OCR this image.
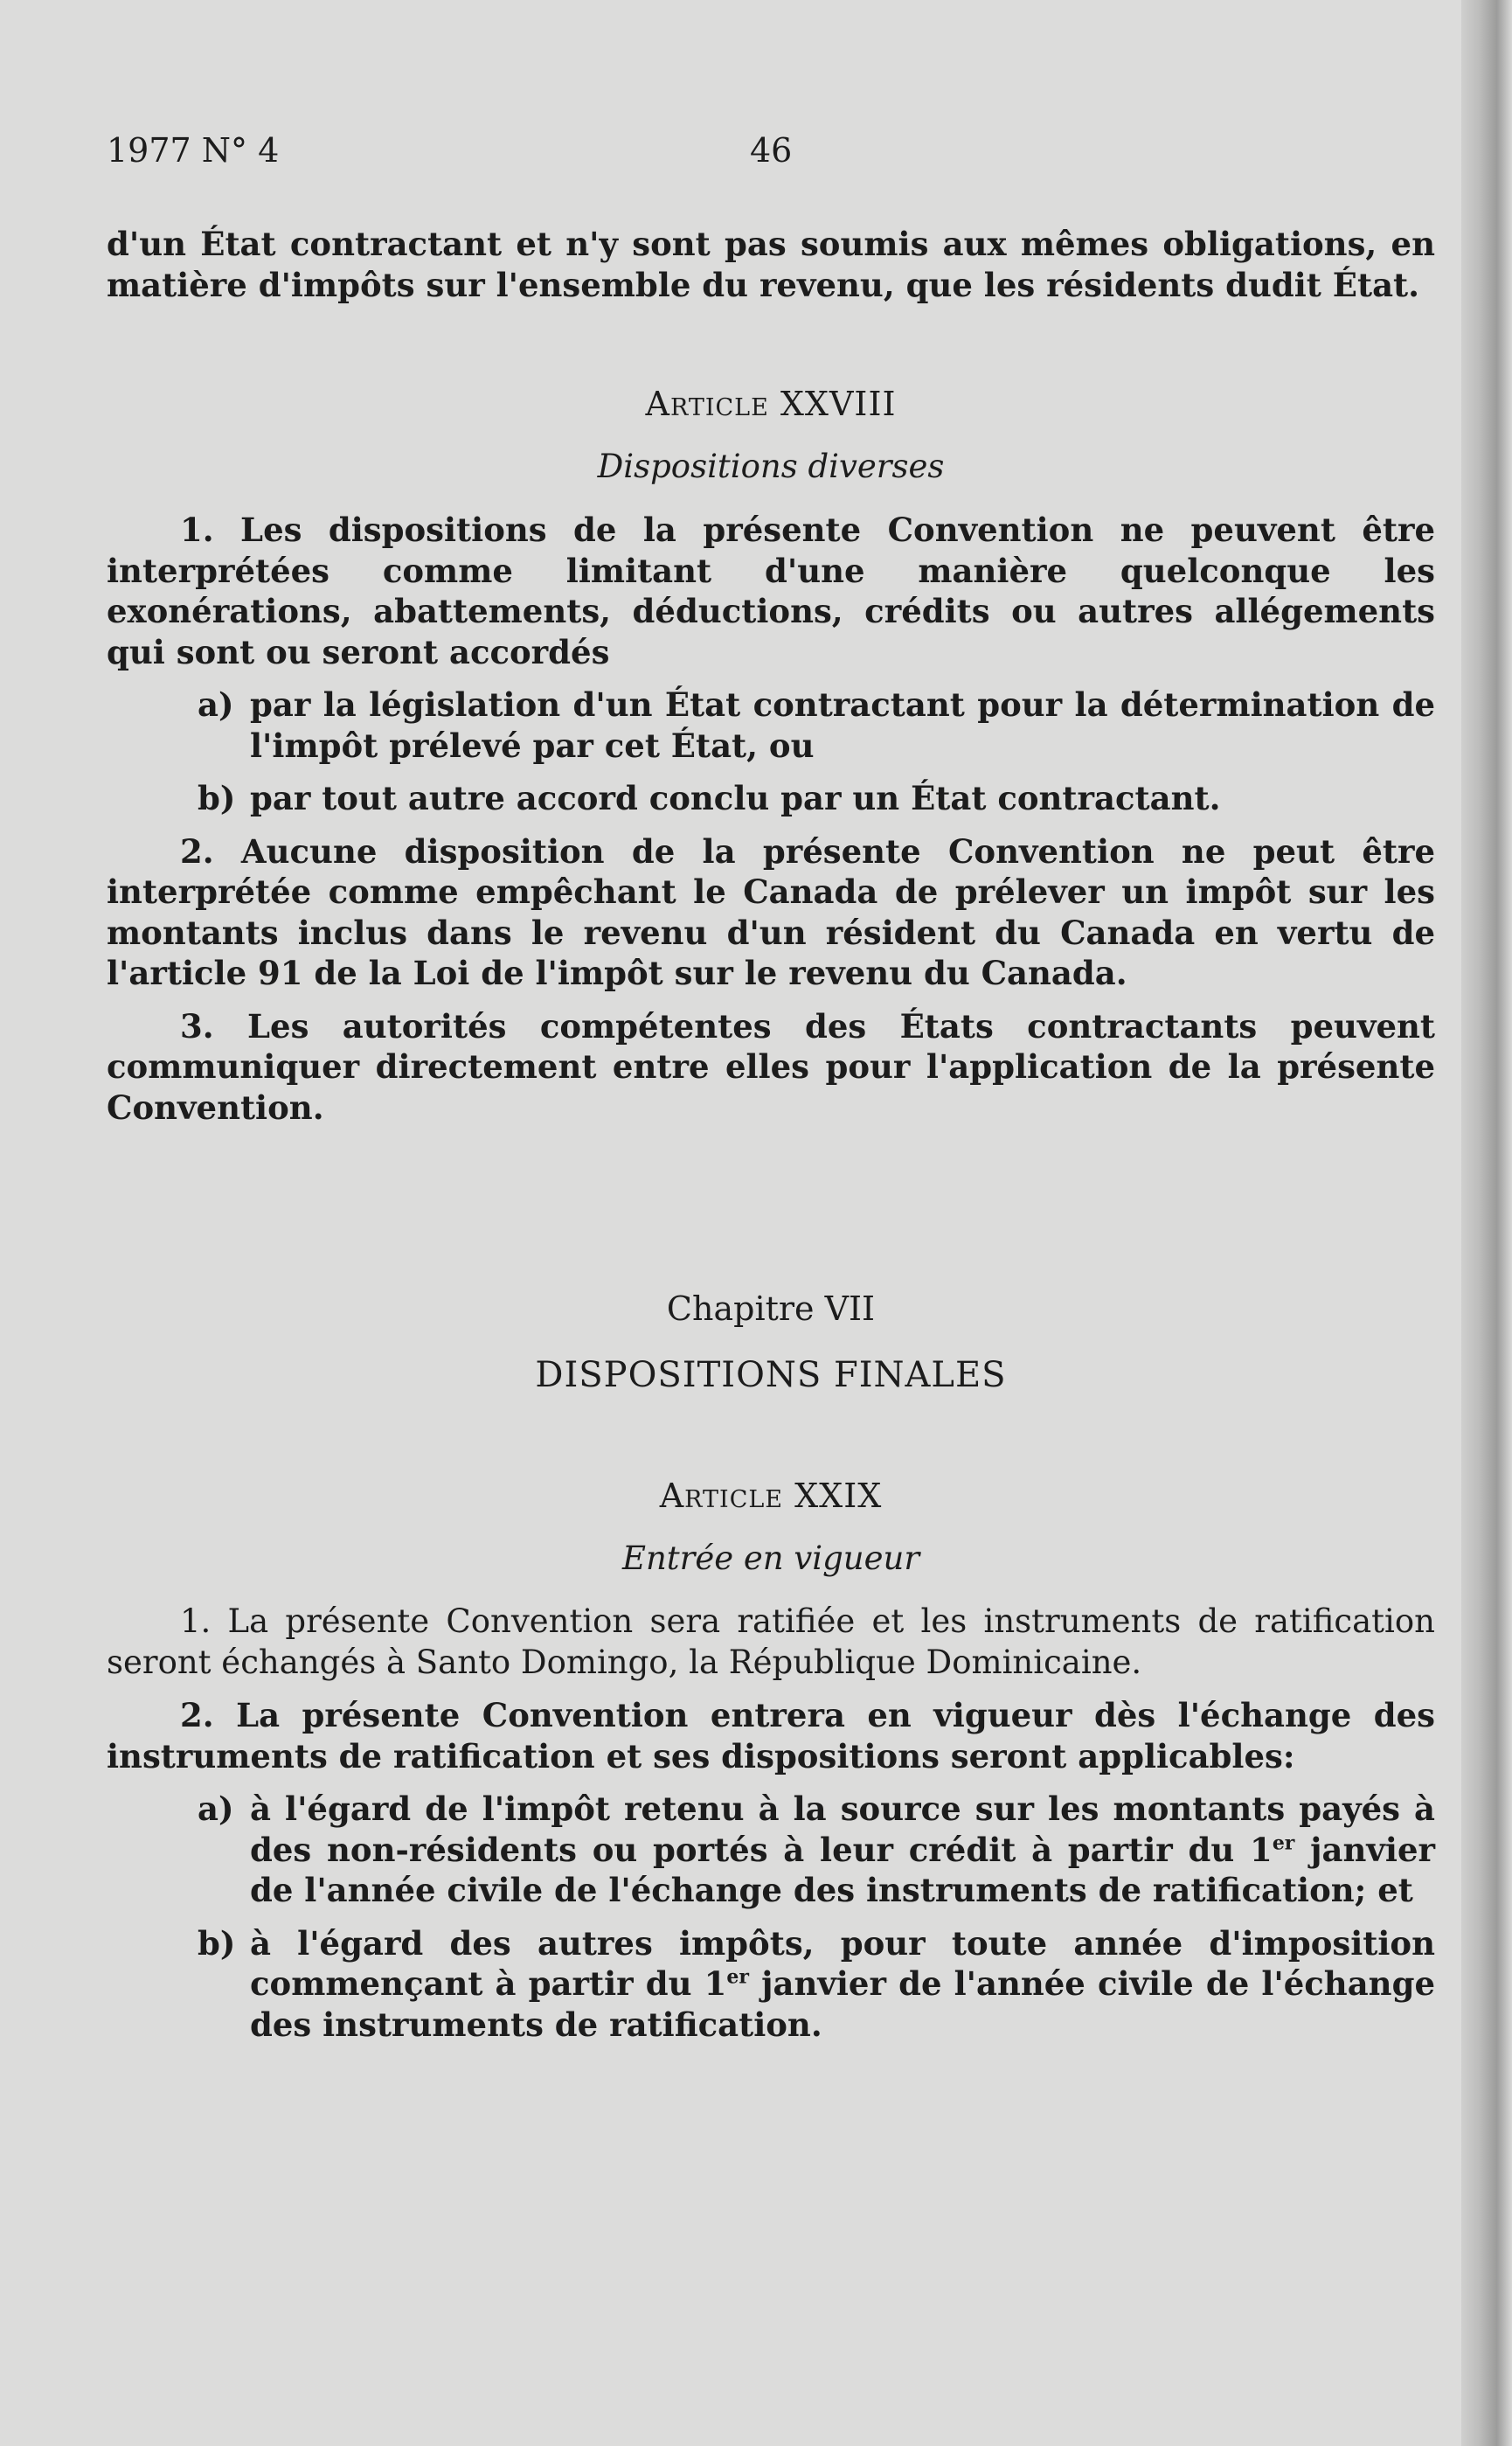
1977 N° 4	46

d'un État contractant et n'y sont pas soumis aux mêmes obligations, en matière d'impôts sur l'ensemble du revenu, que les résidents dudit État.

Article XXVIII
Dispositions diverses

1. Les dispositions de la présente Convention ne peuvent être interprétées comme limitant d'une manière quelconque les exonérations, abattements, déductions, crédits ou autres allégements qui sont ou seront accordés

a) par la législation d'un État contractant pour la détermination de l'impôt prélevé par cet État, ou
b) par tout autre accord conclu par un État contractant.

2. Aucune disposition de la présente Convention ne peut être interprétée comme empêchant le Canada de prélever un impôt sur les montants inclus dans le revenu d'un résident du Canada en vertu de l'article 91 de la Loi de l'impôt sur le revenu du Canada.

3. Les autorités compétentes des États contractants peuvent communiquer directement entre elles pour l'application de la présente Convention.

Chapitre VII
DISPOSITIONS FINALES
Article XXIX
Entrée en vigueur

1. La présente Convention sera ratifiée et les instruments de ratification seront échangés à Santo Domingo, la République Dominicaine.

2. La présente Convention entrera en vigueur dès l'échange des instruments de ratification et ses dispositions seront applicables:

a) à l'égard de l'impôt retenu à la source sur les montants payés à des non-résidents ou portés à leur crédit à partir du 1er janvier de l'année civile de l'échange des instruments de ratification; et
b) à l'égard des autres impôts, pour toute année d'imposition commençant à partir du 1er janvier de l'année civile de l'échange des instruments de ratification.
